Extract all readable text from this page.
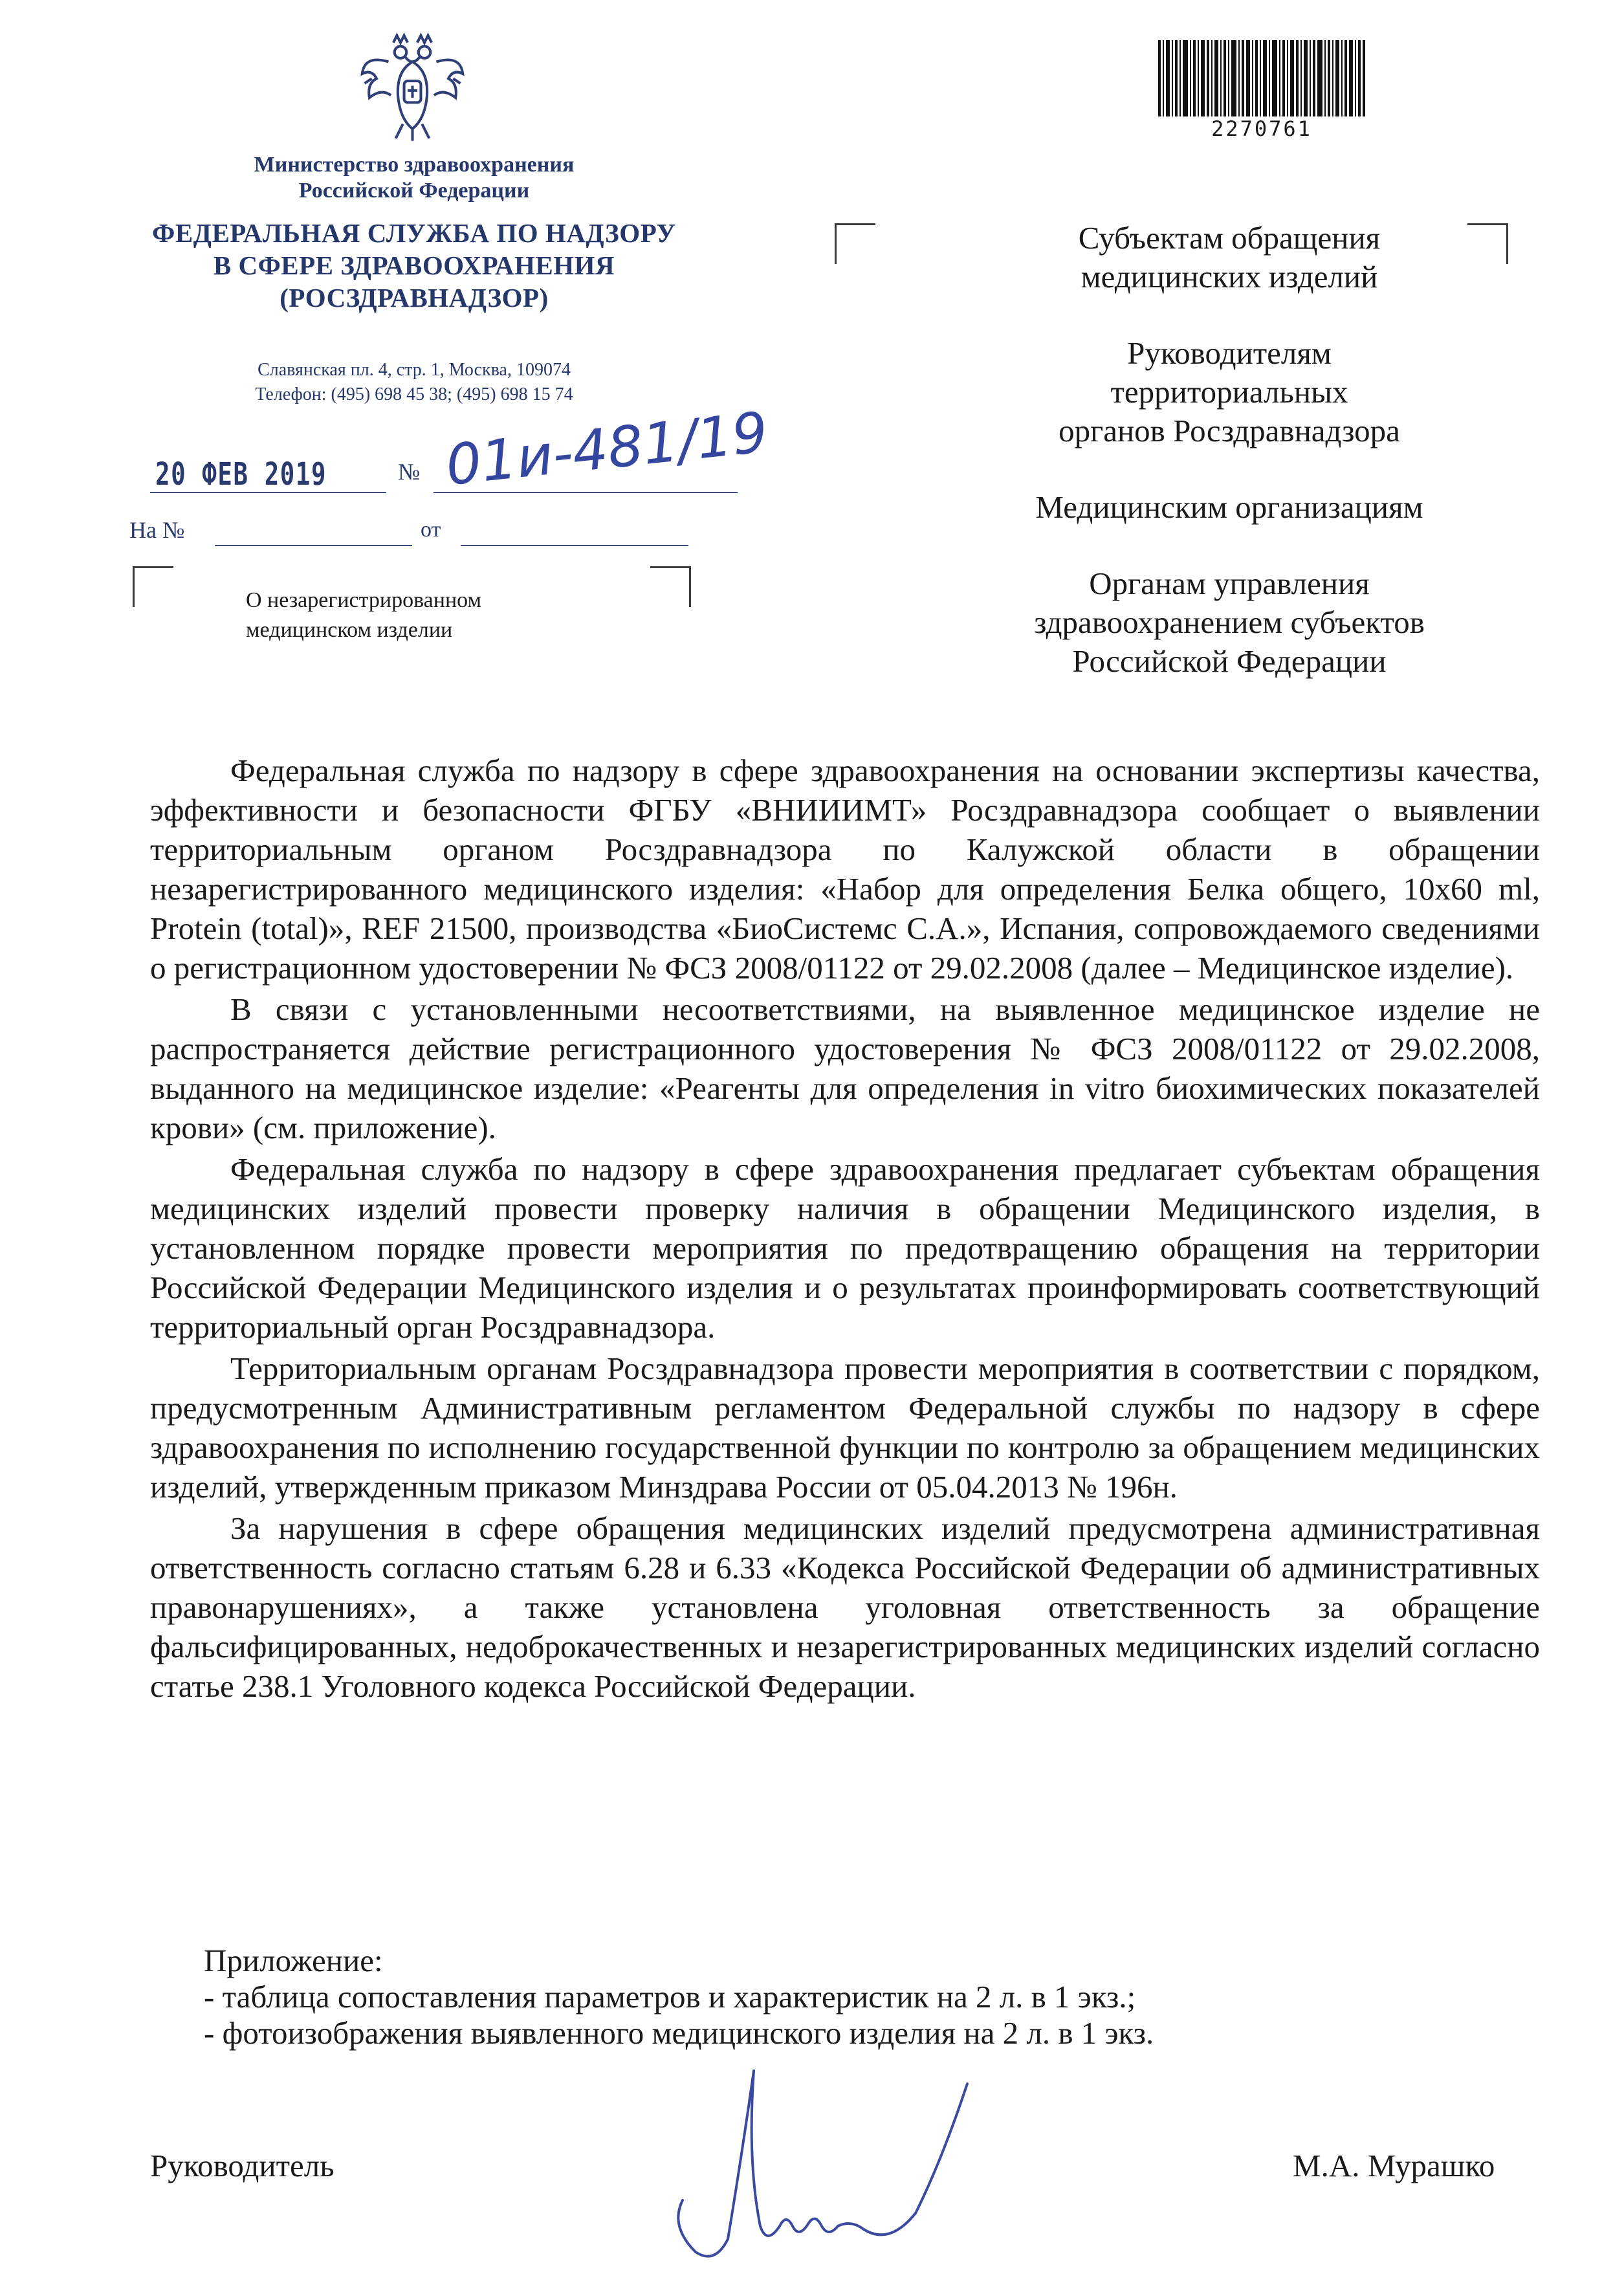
Министерство здравоохранения
Российской Федерации
ФЕДЕРАЛЬНАЯ СЛУЖБА ПО НАДЗОРУ
В СФЕРЕ ЗДРАВООХРАНЕНИЯ
(РОСЗДРАВНАДЗОР)
Славянская пл. 4, стр. 1, Москва, 109074
Телефон: (495) 698 45 38; (495) 698 15 74
20 ФЕВ 2019	№ 01и-481/19
На №	от
О незарегистрированном
медицинском изделии
2270761
Субъектам обращения
медицинских изделий
Руководителям
территориальных
органов Росздравнадзора
Медицинским организациям
Органам управления
здравоохранением субъектов
Российской Федерации

Федеральная служба по надзору в сфере здравоохранения на основании экспертизы качества, эффективности и безопасности ФГБУ «ВНИИИМТ» Росздравнадзора сообщает о выявлении территориальным органом Росздравнадзора по Калужской области в обращении незарегистрированного медицинского изделия: «Набор для определения Белка общего, 10x60 ml, Protein (total)», REF 21500, производства «БиоСистемс С.А.», Испания, сопровождаемого сведениями о регистрационном удостоверении № ФСЗ 2008/01122 от 29.02.2008 (далее – Медицинское изделие).

В связи с установленными несоответствиями, на выявленное медицинское изделие не распространяется действие регистрационного удостоверения № ФСЗ 2008/01122 от 29.02.2008, выданного на медицинское изделие: «Реагенты для определения in vitro биохимических показателей крови» (см. приложение).

Федеральная служба по надзору в сфере здравоохранения предлагает субъектам обращения медицинских изделий провести проверку наличия в обращении Медицинского изделия, в установленном порядке провести мероприятия по предотвращению обращения на территории Российской Федерации Медицинского изделия и о результатах проинформировать соответствующий территориальный орган Росздравнадзора.

Территориальным органам Росздравнадзора провести мероприятия в соответствии с порядком, предусмотренным Административным регламентом Федеральной службы по надзору в сфере здравоохранения по исполнению государственной функции по контролю за обращением медицинских изделий, утвержденным приказом Минздрава России от 05.04.2013 № 196н.

За нарушения в сфере обращения медицинских изделий предусмотрена административная ответственность согласно статьям 6.28 и 6.33 «Кодекса Российской Федерации об административных правонарушениях», а также установлена уголовная ответственность за обращение фальсифицированных, недоброкачественных и незарегистрированных медицинских изделий согласно статье 238.1 Уголовного кодекса Российской Федерации.

Приложение:
- таблица сопоставления параметров и характеристик на 2 л. в 1 экз.;
- фотоизображения выявленного медицинского изделия на 2 л. в 1 экз.
Руководитель	М.А. Мурашко
